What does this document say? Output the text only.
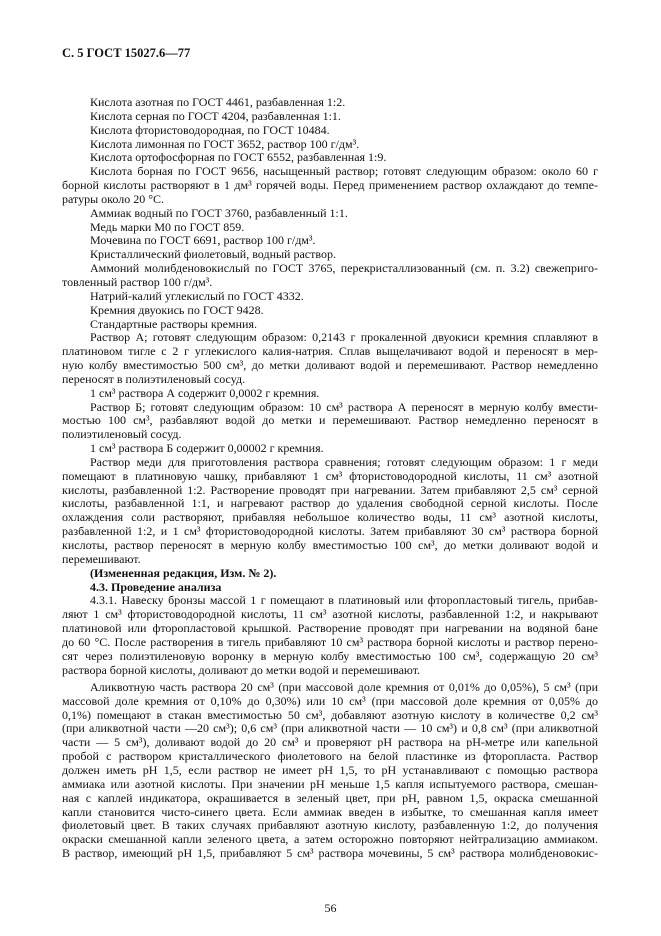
С. 5 ГОСТ 15027.6—77
Кислота азотная по ГОСТ 4461, разбавленная 1:2.
Кислота серная по ГОСТ 4204, разбавленная 1:1.
Кислота фтористоводородная, по ГОСТ 10484.
Кислота лимонная по ГОСТ 3652, раствор 100 г/дм³.
Кислота ортофосфорная по ГОСТ 6552, разбавленная 1:9.
Кислота борная по ГОСТ 9656, насыщенный раствор; готовят следующим образом: около 60 г
борной кислоты растворяют в 1 дм³ горячей воды. Перед применением раствор охлаждают до темпе-
ратуры около 20 °С.
Аммиак водный по ГОСТ 3760, разбавленный 1:1.
Медь марки М0 по ГОСТ 859.
Мочевина по ГОСТ 6691, раствор 100 г/дм³.
Кристаллический фиолетовый, водный раствор.
Аммоний молибденовокислый по ГОСТ 3765, перекристаллизованный (см. п. 3.2) свежеприго-
товленный раствор 100 г/дм³.
Натрий-калий углекислый по ГОСТ 4332.
Кремния двуокись по ГОСТ 9428.
Стандартные растворы кремния.
Раствор А; готовят следующим образом: 0,2143 г прокаленной двуокиси кремния сплавляют в
платиновом тигле с 2 г углекислого калия-натрия. Сплав выщелачивают водой и переносят в мер-
ную колбу вместимостью 500 см³, до метки доливают водой и перемешивают. Раствор немедленно
переносят в полиэтиленовый сосуд.
1 см³ раствора А содержит 0,0002 г кремния.
Раствор Б; готовят следующим образом: 10 см³ раствора А переносят в мерную колбу вмести-
мостью 100 см³, разбавляют водой до метки и перемешивают. Раствор немедленно переносят в
полиэтиленовый сосуд.
1 см³ раствора Б содержит 0,00002 г кремния.
Раствор меди для приготовления раствора сравнения; готовят следующим образом: 1 г меди
помещают в платиновую чашку, прибавляют 1 см³ фтористоводородной кислоты, 11 см³ азотной
кислоты, разбавленной 1:2. Растворение проводят при нагревании. Затем прибавляют 2,5 см³ серной
кислоты, разбавленной 1:1, и нагревают раствор до удаления свободной серной кислоты. После
охлаждения соли растворяют, прибавляя небольшое количество воды, 11 см³ азотной кислоты,
разбавленной 1:2, и 1 см³ фтористоводородной кислоты. Затем прибавляют 30 см³ раствора борной
кислоты, раствор переносят в мерную колбу вместимостью 100 см³, до метки доливают водой и
перемешивают.
(Измененная редакция, Изм. № 2).
4.3. Проведение анализа
4.3.1. Навеску бронзы массой 1 г помещают в платиновый или фторопластовый тигель, прибав-
ляют 1 см³ фтористоводородной кислоты, 11 см³ азотной кислоты, разбавленной 1:2, и накрывают
платиновой или фторопластовой крышкой. Растворение проводят при нагревании на водяной бане
до 60 °С. После растворения в тигель прибавляют 10 см³ раствора борной кислоты и раствор перено-
сят через полиэтиленовую воронку в мерную колбу вместимостью 100 см³, содержащую 20 см³
раствора борной кислоты, доливают до метки водой и перемешивают.
Аликвотную часть раствора 20 см³ (при массовой доле кремния от 0,01% до 0,05%), 5 см³ (при
массовой доле кремния от 0,10% до 0,30%) или 10 см³ (при массовой доле кремния от 0,05% до
0,1%) помещают в стакан вместимостью 50 см³, добавляют азотную кислоту в количестве 0,2 см³
(при аликвотной части —20 см³); 0,6 см³ (при аликвотной части — 10 см³) и 0,8 см³ (при аликвотной
части — 5 см³), доливают водой до 20 см³ и проверяют рН раствора на рН-метре или капельной
пробой с раствором кристаллического фиолетового на белой пластинке из фторопласта. Раствор
должен иметь рН 1,5, если раствор не имеет рН 1,5, то рН устанавливают с помощью раствора
аммиака или азотной кислоты. При значении рН меньше 1,5 капля испытуемого раствора, смешан-
ная с каплей индикатора, окрашивается в зеленый цвет, при рН, равном 1,5, окраска смешанной
капли становится чисто-синего цвета. Если аммиак введен в избытке, то смешанная капля имеет
фиолетовый цвет. В таких случаях прибавляют азотную кислоту, разбавленную 1:2, до получения
окраски смешанной капли зеленого цвета, а затем осторожно повторяют нейтрализацию аммиаком.
В раствор, имеющий рН 1,5, прибавляют 5 см³ раствора мочевины, 5 см³ раствора молибденовокис-
56
